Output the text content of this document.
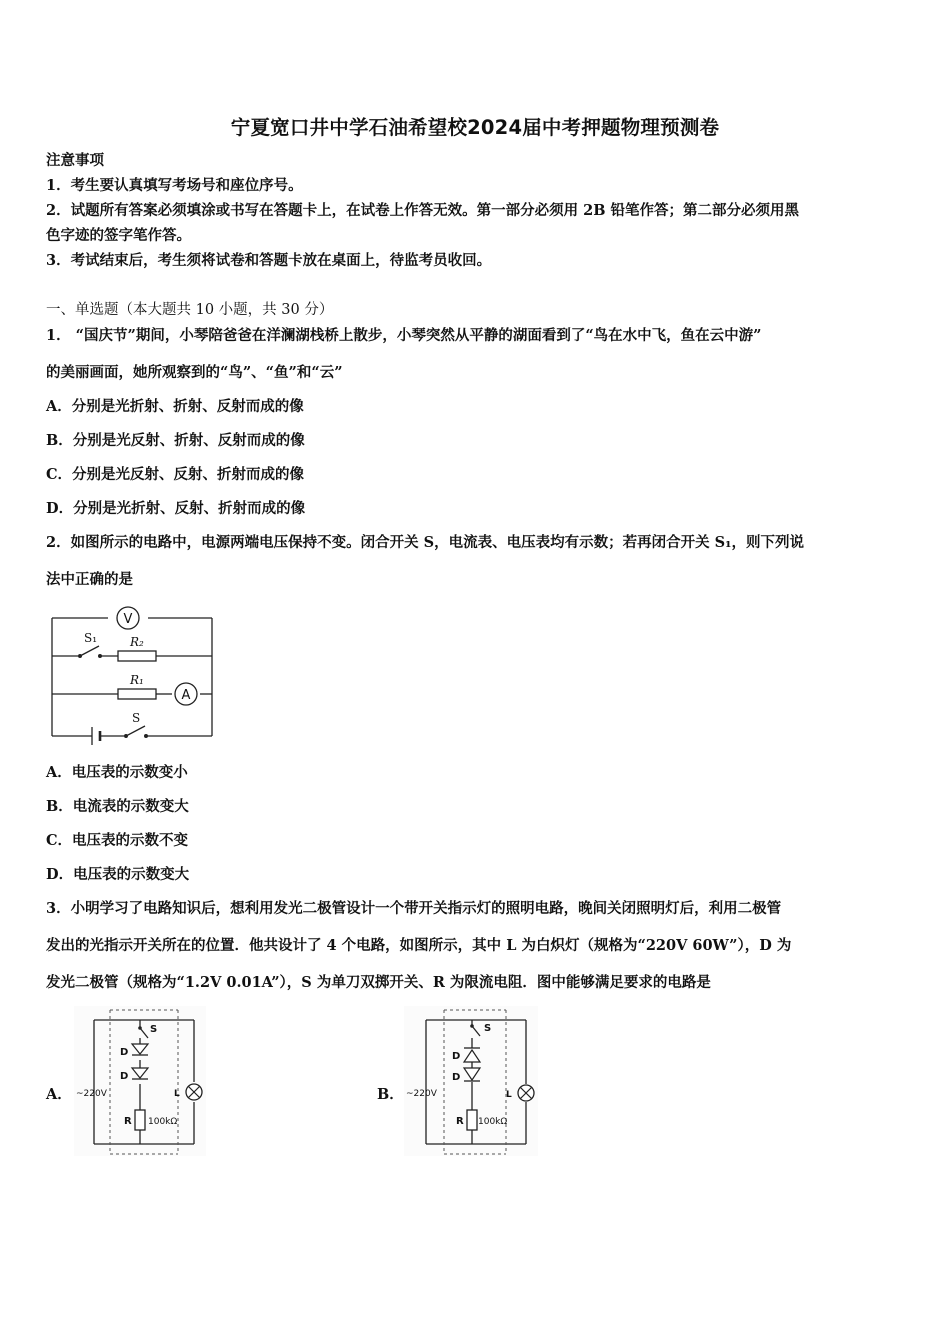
宁夏宽口井中学石油希望校2024届中考押题物理预测卷
注意事项
1．考生要认真填写考场号和座位序号。
2．试题所有答案必须填涂或书写在答题卡上，在试卷上作答无效。第一部分必须用 2B 铅笔作答；第二部分必须用黑
色字迹的签字笔作答。
3．考试结束后，考生须将试卷和答题卡放在桌面上，待监考员收回。
一、单选题（本大题共 10 小题，共 30 分）
1． “国庆节”期间，小琴陪爸爸在洋澜湖栈桥上散步，小琴突然从平静的湖面看到了“鸟在水中飞，鱼在云中游”
的美丽画面，她所观察到的“鸟”、“鱼”和“云”
A．分别是光折射、折射、反射而成的像
B．分别是光反射、折射、反射而成的像
C．分别是光反射、反射、折射而成的像
D．分别是光折射、反射、折射而成的像
2．如图所示的电路中，电源两端电压保持不变。闭合开关 S，电流表、电压表均有示数；若再闭合开关 S₁，则下列说
法中正确的是
V
S₁	R₂
R₁
A
S
A．电压表的示数变小
B．电流表的示数变大
C．电压表的示数不变
D．电压表的示数变大
3．小明学习了电路知识后，想利用发光二极管设计一个带开关指示灯的照明电路，晚间关闭照明灯后，利用二极管
发出的光指示开关所在的位置．他共设计了 4 个电路，如图所示，其中 L 为白炽灯（规格为“220V 60W”），D 为
发光二极管（规格为“1.2V 0.01A”），S 为单刀双掷开关、R 为限流电阻．图中能够满足要求的电路是
A．	B．
S
D
D
R 100kΩ
~220V	L
S
D
D
R 100kΩ
~220V	L
